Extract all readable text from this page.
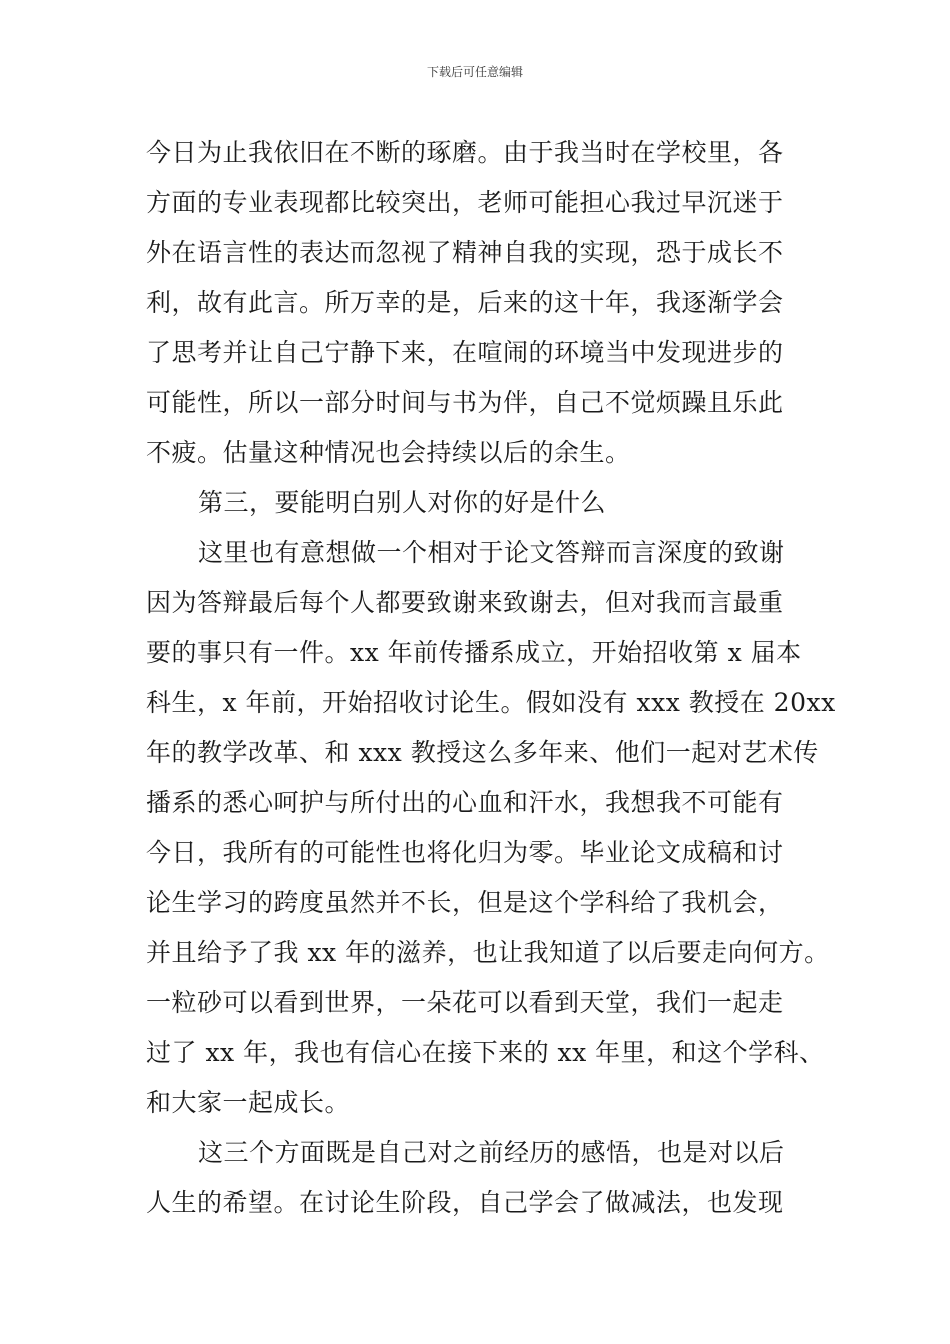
下载后可任意编辑
今日为止我依旧在不断的琢磨。由于我当时在学校里，各
方面的专业表现都比较突出，老师可能担心我过早沉迷于
外在语言性的表达而忽视了精神自我的实现，恐于成长不
利，故有此言。所万幸的是，后来的这十年，我逐渐学会
了思考并让自己宁静下来，在喧闹的环境当中发现进步的
可能性，所以一部分时间与书为伴，自己不觉烦躁且乐此
不疲。估量这种情况也会持续以后的余生。
第三，要能明白别人对你的好是什么
这里也有意想做一个相对于论文答辩而言深度的致谢
因为答辩最后每个人都要致谢来致谢去，但对我而言最重
要的事只有一件。xx 年前传播系成立，开始招收第 x 届本
科生，x 年前，开始招收讨论生。假如没有 xxx 教授在 20xx
年的教学改革、和 xxx 教授这么多年来、他们一起对艺术传
播系的悉心呵护与所付出的心血和汗水，我想我不可能有
今日，我所有的可能性也将化归为零。毕业论文成稿和讨
论生学习的跨度虽然并不长，但是这个学科给了我机会，
并且给予了我 xx 年的滋养，也让我知道了以后要走向何方。
一粒砂可以看到世界，一朵花可以看到天堂，我们一起走
过了 xx 年，我也有信心在接下来的 xx 年里，和这个学科、
和大家一起成长。
这三个方面既是自己对之前经历的感悟，也是对以后
人生的希望。在讨论生阶段，自己学会了做减法，也发现
